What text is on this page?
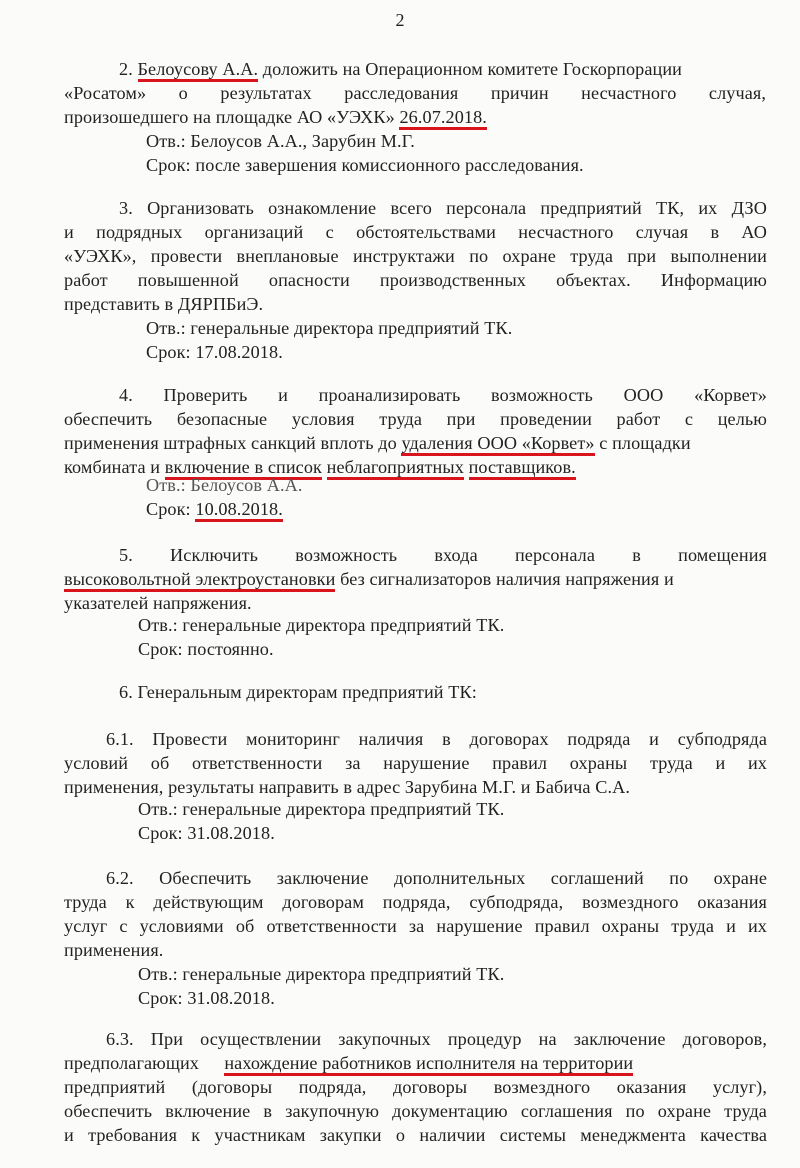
2
2. Белоусову А.А. доложить на Операционном комитете Госкорпорации
«Росатом» о результатах расследования причин несчастного случая,
произошедшего на площадке АО «УЭХК» 26.07.2018.
Отв.: Белоусов А.А., Зарубин М.Г.
Срок: после завершения комиссионного расследования.
3. Организовать ознакомление всего персонала предприятий ТК, их ДЗО
и подрядных организаций с обстоятельствами несчастного случая в АО
«УЭХК», провести внеплановые инструктажи по охране труда при выполнении
работ повышенной опасности производственных объектах. Информацию
представить в ДЯРПБиЭ.
Отв.: генеральные директора предприятий ТК.
Срок: 17.08.2018.
4. Проверить и проанализировать возможность ООО «Корвет»
обеспечить безопасные условия труда при проведении работ с целью
применения штрафных санкций вплоть до удаления ООО «Корвет» с площадки
комбината и включение в список неблагоприятных поставщиков.
Отв.: Белоусов А.А.
Срок: 10.08.2018.
5. Исключить возможность входа персонала в помещения
высоковольтной электроустановки без сигнализаторов наличия напряжения и
указателей напряжения.
Отв.: генеральные директора предприятий ТК.
Срок: постоянно.
6. Генеральным директорам предприятий ТК:
6.1. Провести мониторинг наличия в договорах подряда и субподряда
условий об ответственности за нарушение правил охраны труда и их
применения, результаты направить в адрес Зарубина М.Г. и Бабича С.А.
Отв.: генеральные директора предприятий ТК.
Срок: 31.08.2018.
6.2. Обеспечить заключение дополнительных соглашений по охране
труда к действующим договорам подряда, субподряда, возмездного оказания
услуг с условиями об ответственности за нарушение правил охраны труда и их
применения.
Отв.: генеральные директора предприятий ТК.
Срок: 31.08.2018.
6.3. При осуществлении закупочных процедур на заключение договоров,
предполагающих нахождение работников исполнителя на территории
предприятий (договоры подряда, договоры возмездного оказания услуг),
обеспечить включение в закупочную документацию соглашения по охране труда
и требования к участникам закупки о наличии системы менеджмента качества
